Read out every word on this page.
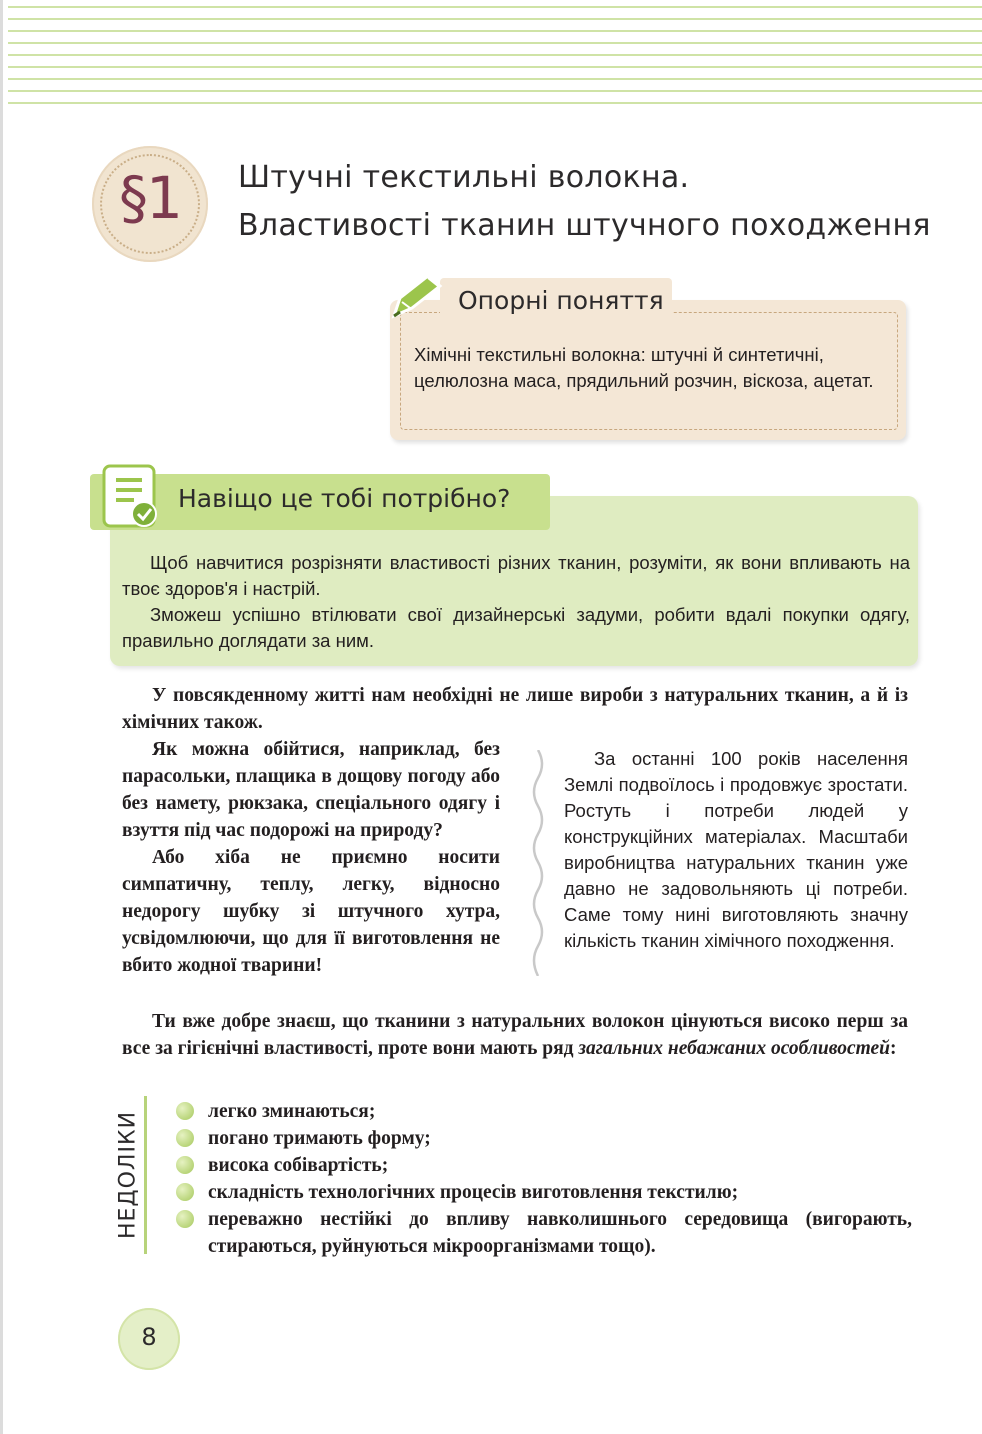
§1	Штучні текстильні волокна.
Властивості тканин штучного походження
Опорні поняття
Хімічні текстильні волокна: штучні й синтетичні, целюлозна маса, прядильний розчин, віскоза, ацетат.
Навіщо це тобі потрібно?

Щоб навчитися розрізняти властивості різних тканин, розуміти, як вони впливають на твоє здоров'я і настрій.

Зможеш успішно втілювати свої дизайнерські задуми, робити вдалі покупки одягу, правильно доглядати за ним.

У повсякденному житті нам необхідні не лише вироби з натуральних тканин, а й із хімічних також.

Як можна обійтися, наприклад, без парасольки, плащика в дощову погоду або без намету, рюкзака, спеціального одягу і взуття під час подорожі на природу?

Або хіба не приємно носити симпатичну, теплу, легку, відносно недорогу шубку зі штучного хутра, усвідомлюючи, що для її виготовлення не вбито жодної тварини!

За останні 100 років населення Землі подвоїлось і продовжує зростати. Ростуть і потреби людей у конструкційних матеріалах. Масштаби виробництва натуральних тканин уже давно не задовольняють ці потреби. Саме тому нині виготовляють значну кількість тканин хімічного походження.

Ти вже добре знаєш, що тканини з натуральних волокон цінуються високо перш за все за гігієнічні властивості, проте вони мають ряд загальних небажаних особливостей:

НЕДОЛІКИ	легко зминаються;
погано тримають форму;
висока собівартість;
складність технологічних процесів виготовлення текстилю;
переважно нестійкі до впливу навколишнього середовища (вигорають, стираються, руйнуються мікроорганізмами тощо).
8
